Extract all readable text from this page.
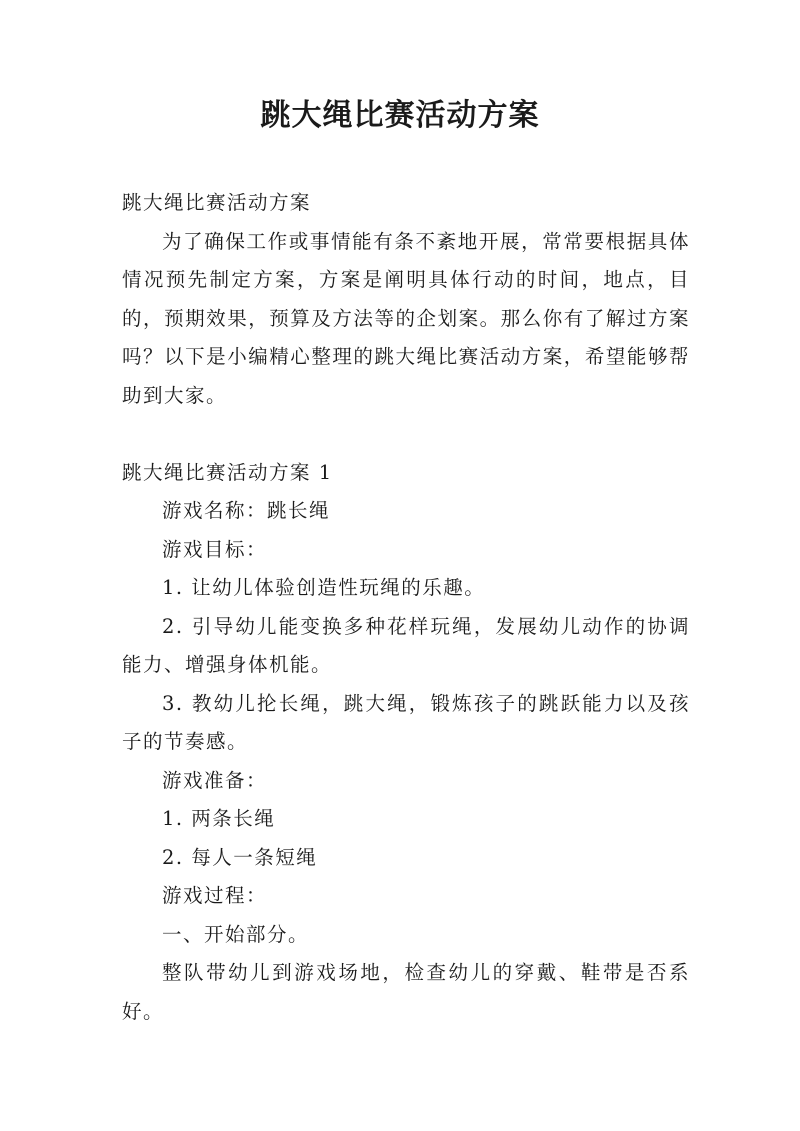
跳大绳比赛活动方案

跳大绳比赛活动方案

为了确保工作或事情能有条不紊地开展，常常要根据具体情况预先制定方案，方案是阐明具体行动的时间，地点，目的，预期效果，预算及方法等的企划案。那么你有了解过方案吗？以下是小编精心整理的跳大绳比赛活动方案，希望能够帮助到大家。

跳大绳比赛活动方案 1

游戏名称：跳长绳

游戏目标：

1. 让幼儿体验创造性玩绳的乐趣。

2. 引导幼儿能变换多种花样玩绳，发展幼儿动作的协调能力、增强身体机能。

3. 教幼儿抡长绳，跳大绳，锻炼孩子的跳跃能力以及孩子的节奏感。

游戏准备：

1. 两条长绳

2. 每人一条短绳

游戏过程：

一、开始部分。

整队带幼儿到游戏场地，检查幼儿的穿戴、鞋带是否系好。
